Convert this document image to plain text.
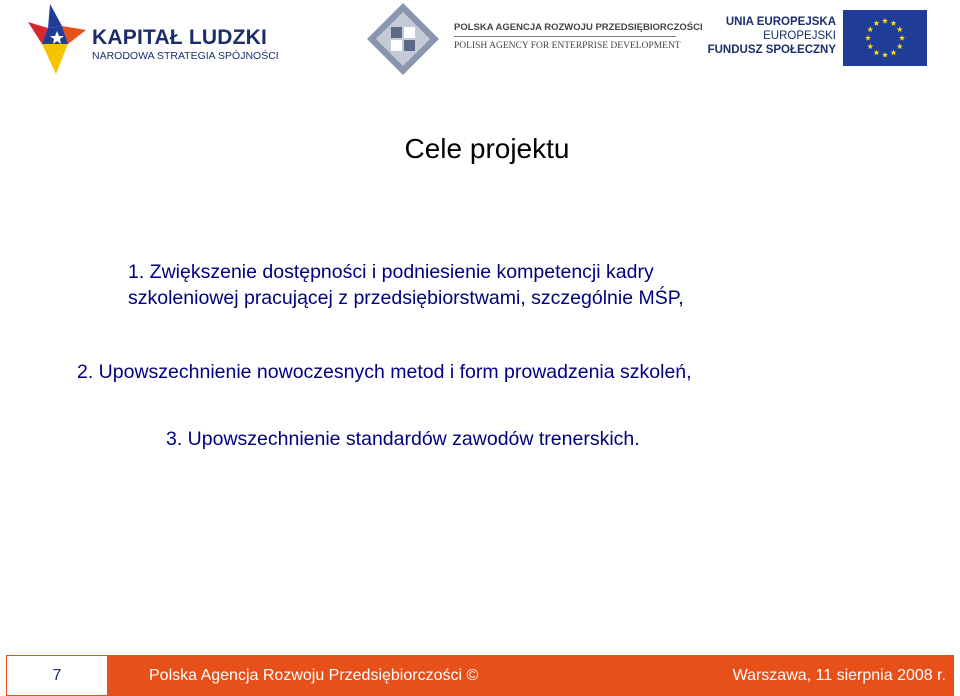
KAPITAŁ LUDZKI
NARODOWA STRATEGIA SPÓJNOŚCI
POLSKA AGENCJA ROZWOJU PRZEDSIĘBIORCZOŚCI
POLISH AGENCY FOR ENTERPRISE DEVELOPMENT
UNIA EUROPEJSKA
EUROPEJSKI
FUNDUSZ SPOŁECZNY
Cele projektu
1. Zwiększenie dostępności i podniesienie kompetencji kadry
szkoleniowej pracującej z przedsiębiorstwami, szczególnie MŚP,
2. Upowszechnienie nowoczesnych metod i form prowadzenia szkoleń,
3. Upowszechnienie standardów zawodów trenerskich.
7	Polska Agencja Rozwoju Przedsiębiorczości ©	Warszawa, 11 sierpnia 2008 r.
